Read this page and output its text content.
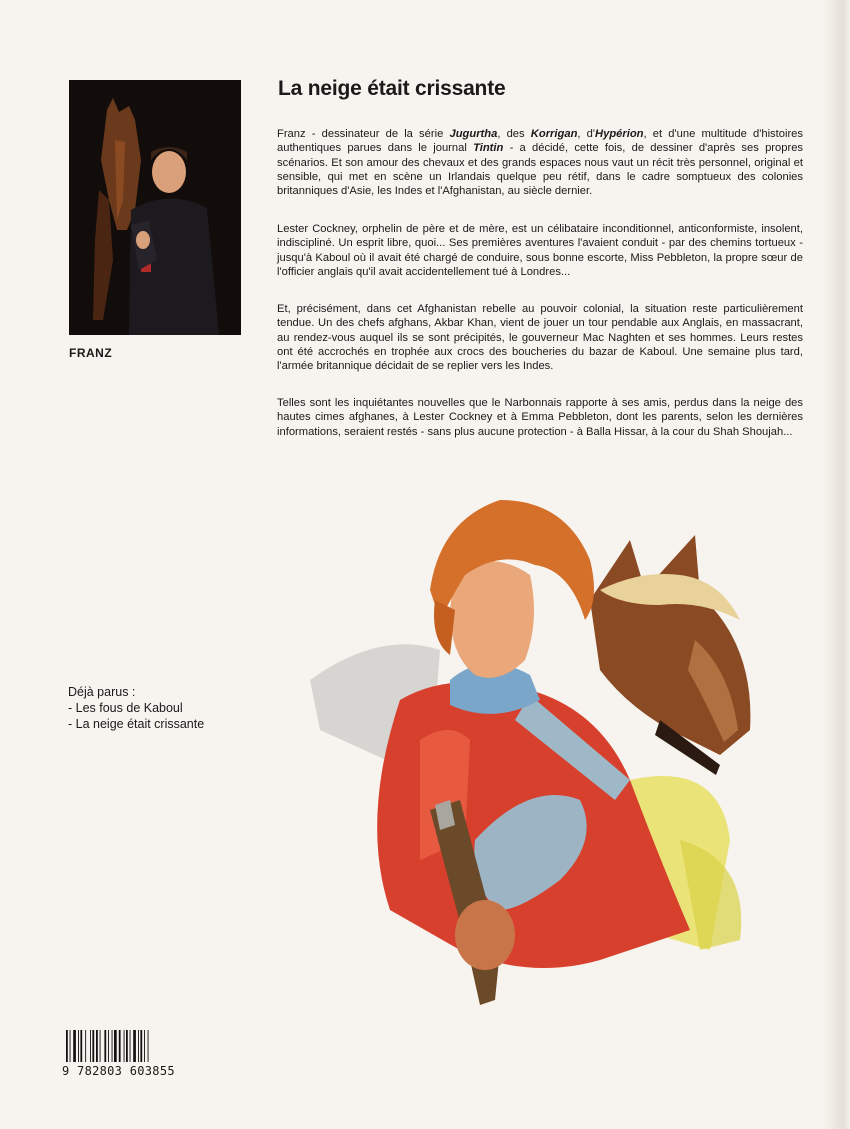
FRANZ
La neige était crissante

Franz - dessinateur de la série Jugurtha, des Korrigan, d'Hypérion, et d'une multitude d'histoires authentiques parues dans le journal Tintin - a décidé, cette fois, de dessiner d'après ses propres scénarios. Et son amour des chevaux et des grands espaces nous vaut un récit très personnel, original et sensible, qui met en scène un Irlandais quelque peu rétif, dans le cadre somptueux des colonies britanniques d'Asie, les Indes et l'Afghanistan, au siècle dernier.

Lester Cockney, orphelin de père et de mère, est un célibataire inconditionnel, anticonformiste, insolent, indiscipliné. Un esprit libre, quoi... Ses premières aventures l'avaient conduit - par des chemins tortueux - jusqu'à Kaboul où il avait été chargé de conduire, sous bonne escorte, Miss Pebbleton, la propre sœur de l'officier anglais qu'il avait accidentellement tué à Londres...

Et, précisément, dans cet Afghanistan rebelle au pouvoir colonial, la situation reste particulièrement tendue. Un des chefs afghans, Akbar Khan, vient de jouer un tour pendable aux Anglais, en massacrant, au rendez-vous auquel ils se sont précipités, le gouverneur Mac Naghten et ses hommes. Leurs restes ont été accrochés en trophée aux crocs des boucheries du bazar de Kaboul. Une semaine plus tard, l'armée britannique décidait de se replier vers les Indes.

Telles sont les inquiétantes nouvelles que le Narbonnais rapporte à ses amis, perdus dans la neige des hautes cimes afghanes, à Lester Cockney et à Emma Pebbleton, dont les parents, selon les dernières informations, seraient restés - sans plus aucune protection - à Balla Hissar, à la cour du Shah Shoujah...

Déjà parus :
- Les fous de Kaboul
- La neige était crissante
9 782803 603855
